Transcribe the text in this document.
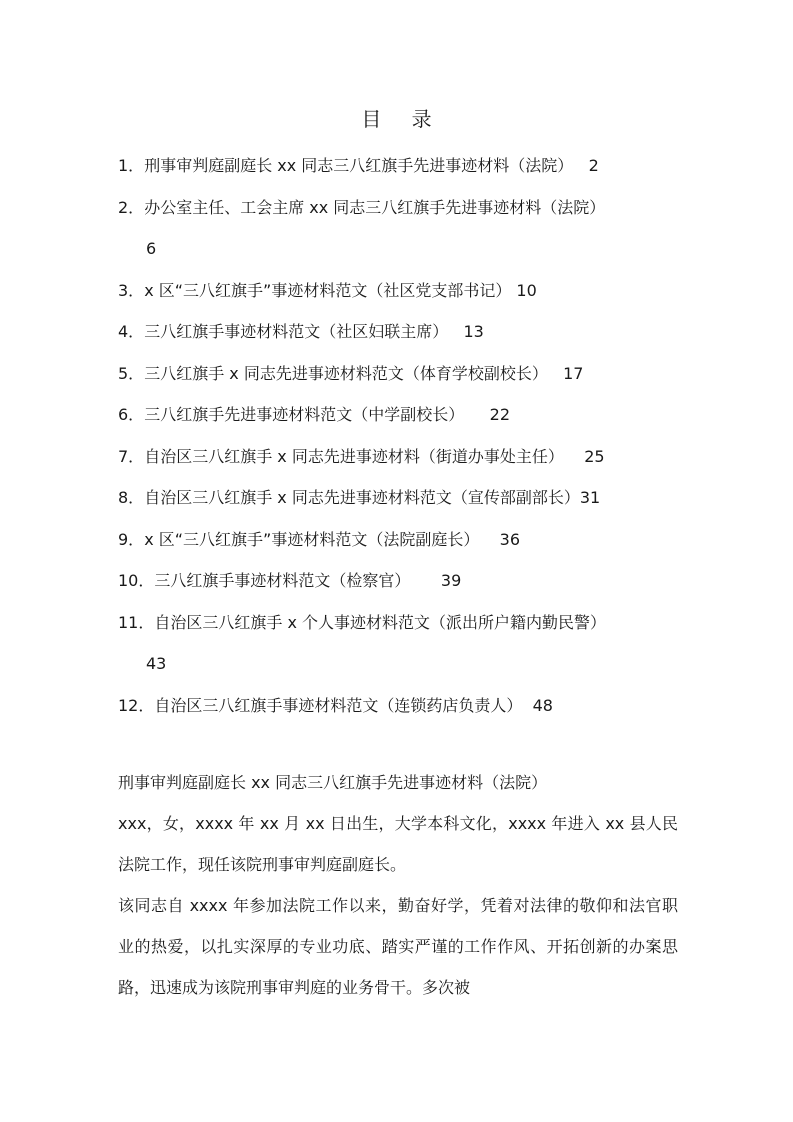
目 录
1．刑事审判庭副庭长 xx 同志三八红旗手先进事迹材料（法院） 2
2．办公室主任、工会主席 xx 同志三八红旗手先进事迹材料（法院）
6
3．x 区“三八红旗手”事迹材料范文（社区党支部书记） 10
4．三八红旗手事迹材料范文（社区妇联主席） 13
5．三八红旗手 x 同志先进事迹材料范文（体育学校副校长） 17
6．三八红旗手先进事迹材料范文（中学副校长） 22
7．自治区三八红旗手 x 同志先进事迹材料（街道办事处主任） 25
8．自治区三八红旗手 x 同志先进事迹材料范文（宣传部副部长）31
9．x 区“三八红旗手”事迹材料范文（法院副庭长） 36
10．三八红旗手事迹材料范文（检察官） 39
11．自治区三八红旗手 x 个人事迹材料范文（派出所户籍内勤民警）
43
12．自治区三八红旗手事迹材料范文（连锁药店负责人） 48

刑事审判庭副庭长 xx 同志三八红旗手先进事迹材料（法院）

xxx，女，xxxx 年 xx 月 xx 日出生，大学本科文化，xxxx 年进入 xx 县人民法院工作，现任该院刑事审判庭副庭长。

该同志自 xxxx 年参加法院工作以来，勤奋好学，凭着对法律的敬仰和法官职业的热爱，以扎实深厚的专业功底、踏实严谨的工作作风、开拓创新的办案思路，迅速成为该院刑事审判庭的业务骨干。多次被
